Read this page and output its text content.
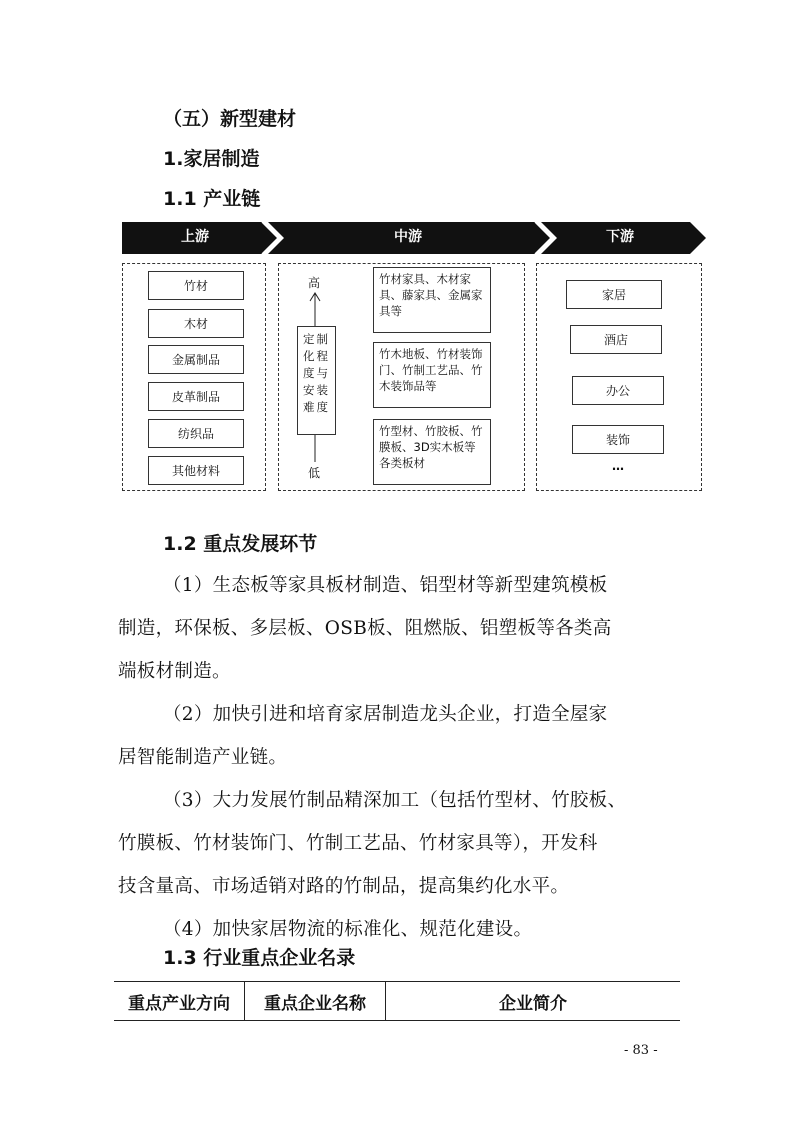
（五）新型建材
1.家居制造
1.1 产业链
上游	中游	下游
竹材
木材
金属制品
皮革制品
纺织品
其他材料
高
低
定制化程度与安装难度
竹材家具、木材家具、藤家具、金属家具等
竹木地板、竹材装饰门、竹制工艺品、竹木装饰品等
竹型材、竹胶板、竹膜板、3D实木板等各类板材
家居
酒店
办公
装饰
…
1.2 重点发展环节
（1）生态板等家具板材制造、铝型材等新型建筑模板
制造，环保板、多层板、OSB板、阻燃版、铝塑板等各类高
端板材制造。
（2）加快引进和培育家居制造龙头企业，打造全屋家
居智能制造产业链。
（3）大力发展竹制品精深加工（包括竹型材、竹胶板、
竹膜板、竹材装饰门、竹制工艺品、竹材家具等），开发科
技含量高、市场适销对路的竹制品，提高集约化水平。
（4）加快家居物流的标准化、规范化建设。
1.3 行业重点企业名录
重点产业方向	重点企业名称	企业简介
- 83 -
